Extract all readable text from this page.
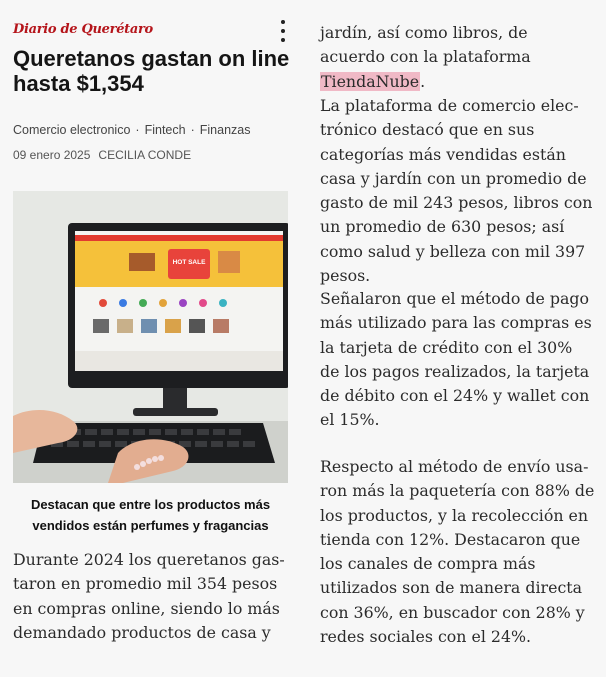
Diario de Querétaro
Queretanos gastan on line hasta $1,354
Comercio electronico · Fintech · Finanzas
09 enero 2025 CECILIA CONDE
HOT SALE

Destacan que entre los productos más vendidos están perfumes y fragancias

Durante 2024 los queretanos gastaron en promedio mil 354 pesos en compras online, siendo lo más demandado productos de casa y

jardín, así como libros, de acuerdo con la plataforma TiendaNube.

La plataforma de comercio electrónico destacó que en sus categorías más vendidas están casa y jardín con un promedio de gasto de mil 243 pesos, libros con un promedio de 630 pesos; así como salud y belleza con mil 397 pesos.

Señalaron que el método de pago más utilizado para las compras es la tarjeta de crédito con el 30% de los pagos realizados, la tarjeta de débito con el 24% y wallet con el 15%.

Respecto al método de envío usaron más la paquetería con 88% de los productos, y la recolección en tienda con 12%. Destacaron que los canales de compra más utilizados son de manera directa con 36%, en buscador con 28% y redes sociales con el 24%.
